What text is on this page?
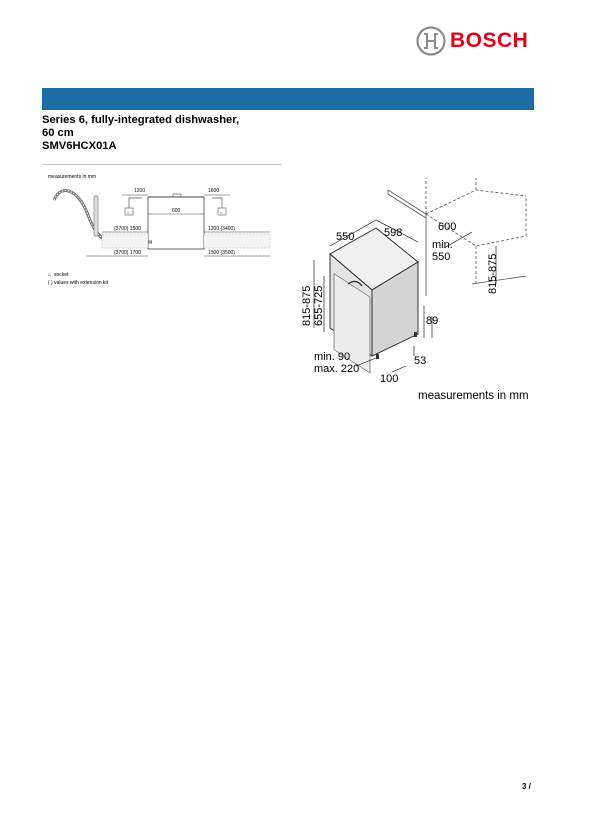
BOSCH
Series 6, fully-integrated dishwasher,
60 cm
SMV6HCX01A
measurements in mm
⌂	⌂
1200	1600
600
(3700) 1500	1200 (3400)
(3700) 1700	1500 (3500)
⌂ socket
( ) values with extension kit
550	598	600
min.
550	815-875
815-875 655-725	89
min. 90
max. 220
53
100
measurements in mm
3 /
